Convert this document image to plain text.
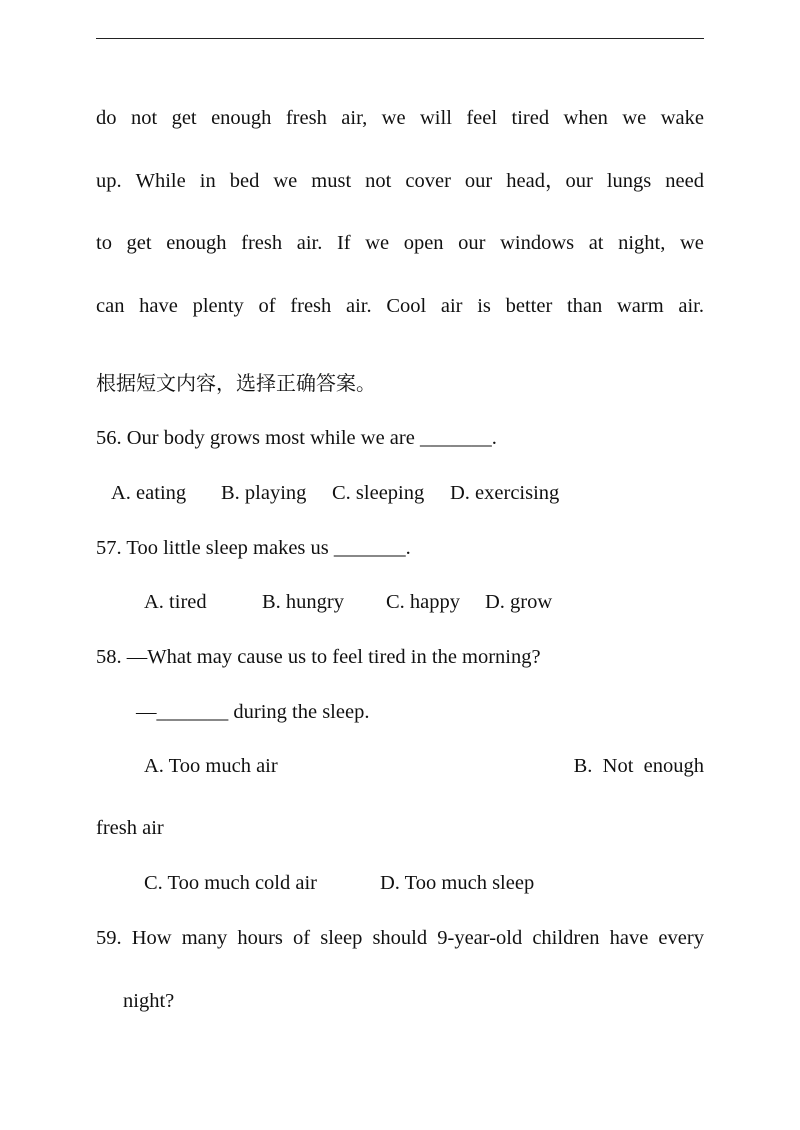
do not get enough fresh air, we will feel tired when we wake
up. While in bed we must not cover our head，our lungs need
to get enough fresh air. If we open our windows at night, we
can have plenty of fresh air. Cool air is better than warm air.
根据短文内容，选择正确答案。
56. Our body grows most while we are _______.
A. eating	B. playing	C. sleeping	D. exercising
57. Too little sleep makes us _______.
A. tired	B. hungry	C. happy	D. grow
58. —What may cause us to feel tired in the morning?
—_______ during the sleep.
A. Too much air	B.  Not  enough
fresh air
C. Too much cold air	D. Too much sleep
59. How many hours of sleep should 9-year-old children have every
night?
